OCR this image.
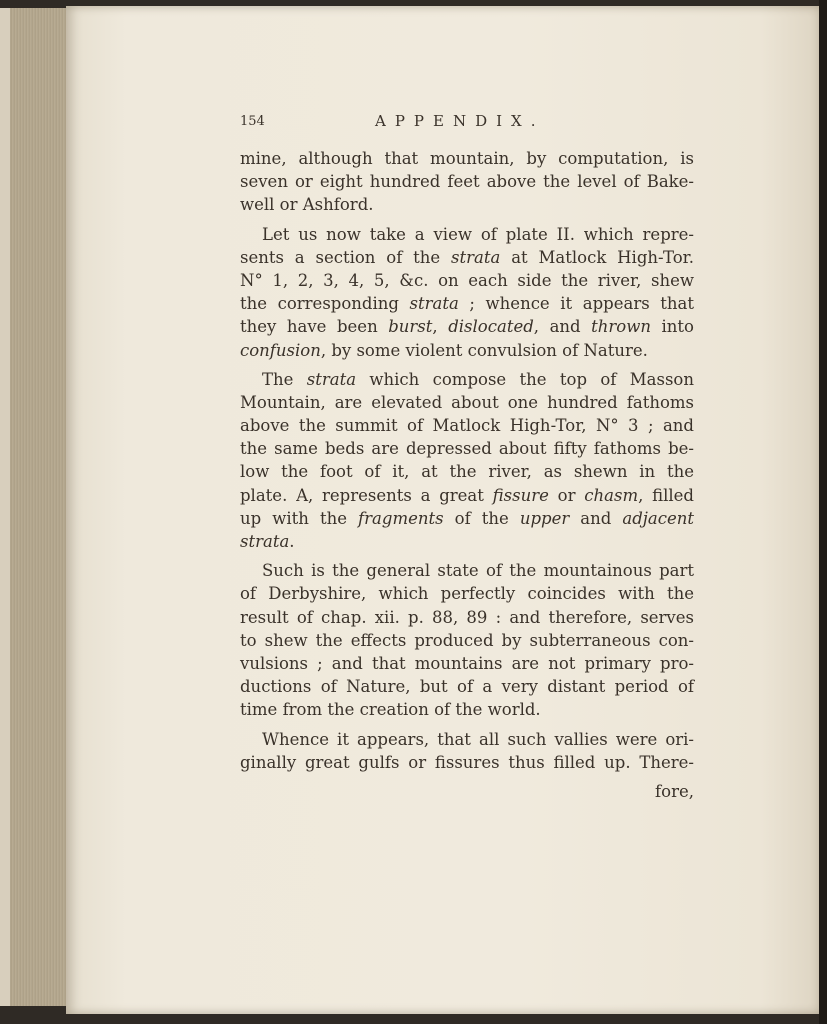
154	APPENDIX.
mine, although that mountain, by computation, is
seven or eight hundred feet above the level of Bake-
well or Ashford.
Let us now take a view of plate II. which repre-
sents a section of the strata at Matlock High-Tor.
N° 1, 2, 3, 4, 5, &c. on each side the river, shew
the corresponding strata ; whence it appears that
they have been burst, dislocated, and thrown into
confusion, by some violent convulsion of Nature.
The strata which compose the top of Masson
Mountain, are elevated about one hundred fathoms
above the summit of Matlock High-Tor, N° 3 ; and
the same beds are depressed about fifty fathoms be-
low the foot of it, at the river, as shewn in the
plate. A, represents a great fissure or chasm, filled
up with the fragments of the upper and adjacent
strata.
Such is the general state of the mountainous part
of Derbyshire, which perfectly coincides with the
result of chap. xii. p. 88, 89 : and therefore, serves
to shew the effects produced by subterraneous con-
vulsions ; and that mountains are not primary pro-
ductions of Nature, but of a very distant period of
time from the creation of the world.
Whence it appears, that all such vallies were ori-
ginally great gulfs or fissures thus filled up. There-
fore,
